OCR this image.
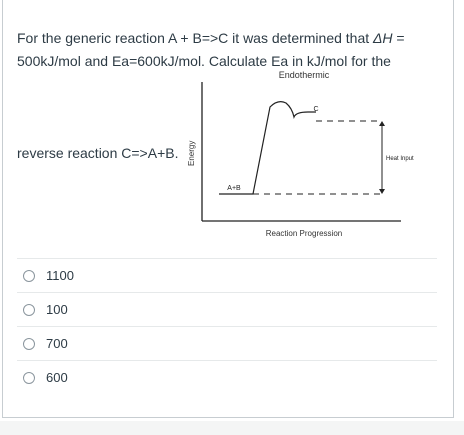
For the generic reaction A + B=>C it was determined that ΔH = 500kJ/mol and Ea=600kJ/mol. Calculate Ea in kJ/mol for the

reverse reaction C=>A+B.
Endothermic
Energy
Reaction Progression
A+B
C
Heat Input
1100
100
700
600
